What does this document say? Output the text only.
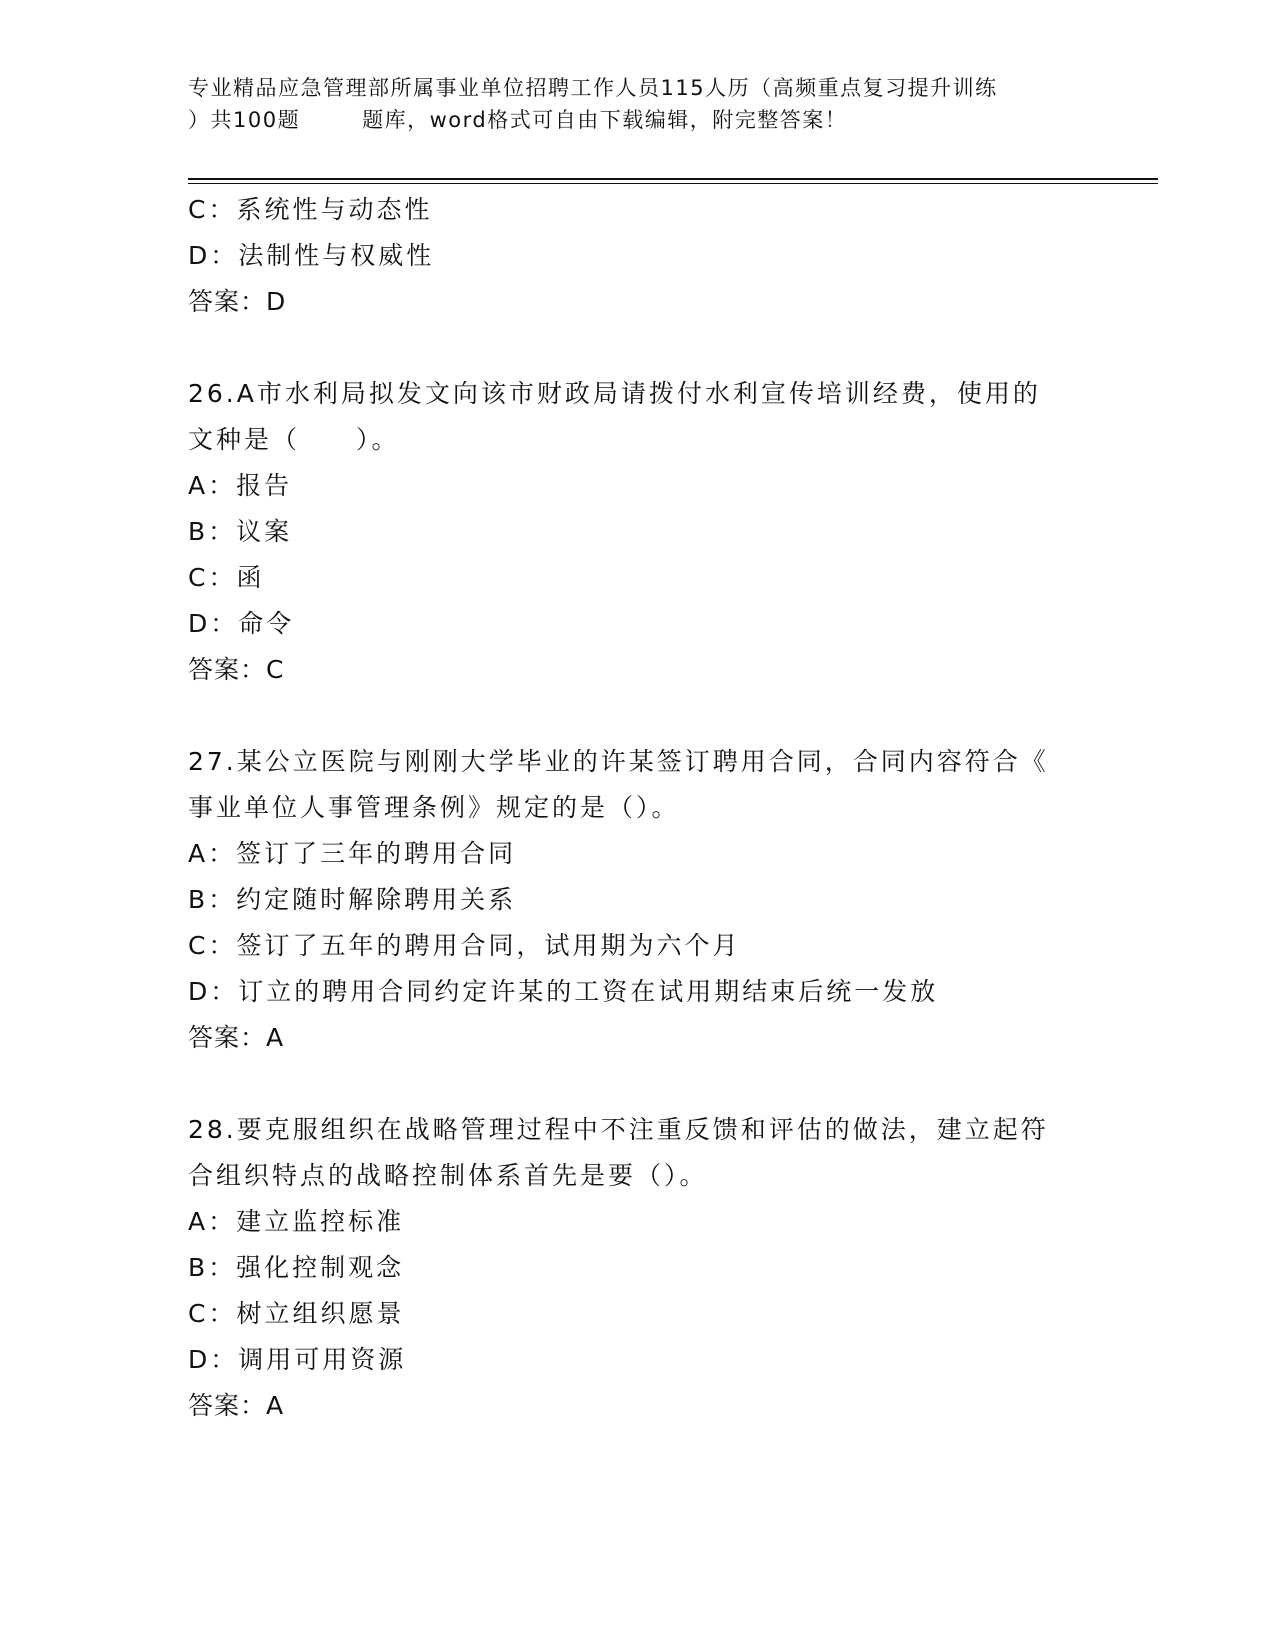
专业精品应急管理部所属事业单位招聘工作人员115人历（高频重点复习提升训练
）共100题	题库，word格式可自由下载编辑，附完整答案！
C：系统性与动态性
D：法制性与权威性
答案：D
26.A市水利局拟发文向该市财政局请拨付水利宣传培训经费，使用的
文种是（　　）。
A：报告
B：议案
C：函
D：命令
答案：C
27.某公立医院与刚刚大学毕业的许某签订聘用合同，合同内容符合《
事业单位人事管理条例》规定的是（）。
A：签订了三年的聘用合同
B：约定随时解除聘用关系
C：签订了五年的聘用合同，试用期为六个月
D：订立的聘用合同约定许某的工资在试用期结束后统一发放
答案：A
28.要克服组织在战略管理过程中不注重反馈和评估的做法，建立起符
合组织特点的战略控制体系首先是要（）。
A：建立监控标准
B：强化控制观念
C：树立组织愿景
D：调用可用资源
答案：A
